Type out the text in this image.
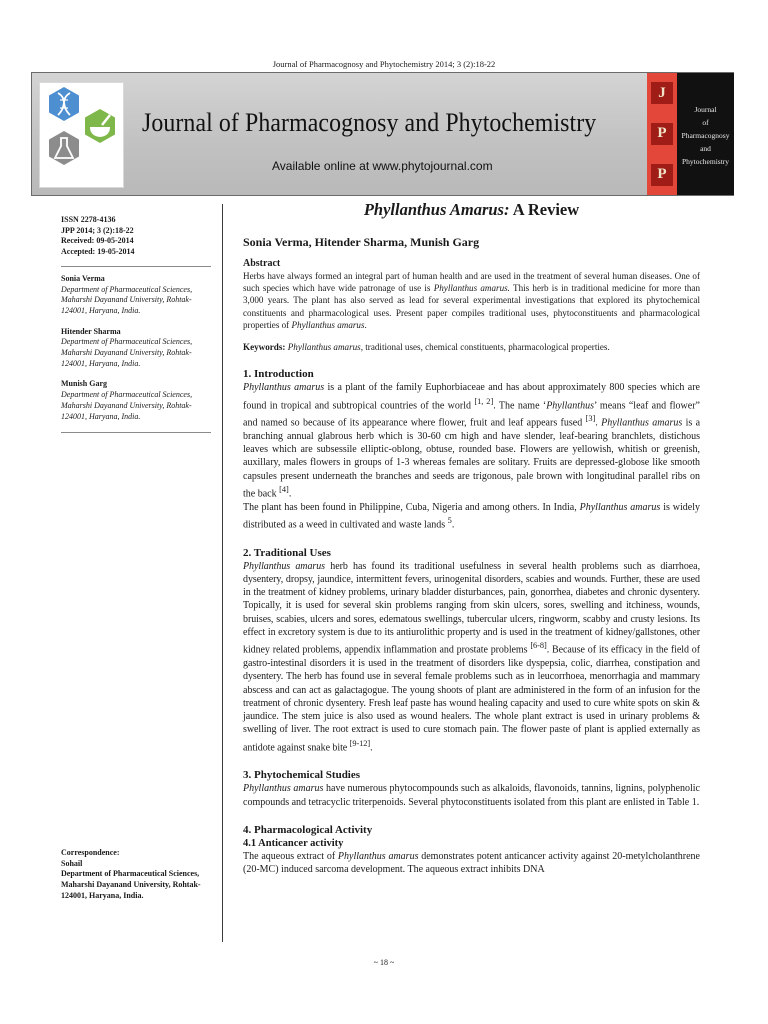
Journal of Pharmacognosy and Phytochemistry 2014; 3 (2):18-22
Journal of Pharmacognosy and Phytochemistry
Available online at www.phytojournal.com
J
P
P
Journal
of
Pharmacognosy
and
Phytochemistry
ISSN 2278-4136
JPP 2014; 3 (2):18-22
Received: 09-05-2014
Accepted: 19-05-2014
Sonia Verma
Department of Pharmaceutical Sciences, Maharshi Dayanand University, Rohtak-124001, Haryana, India.
Hitender Sharma
Department of Pharmaceutical Sciences, Maharshi Dayanand University, Rohtak-124001, Haryana, India.
Munish Garg
Department of Pharmaceutical Sciences, Maharshi Dayanand University, Rohtak-124001, Haryana, India.
Correspondence:
Sohail
Department of Pharmaceutical Sciences, Maharshi Dayanand University, Rohtak-124001, Haryana, India.
Phyllanthus Amarus: A Review
Sonia Verma, Hitender Sharma, Munish Garg
Abstract
Herbs have always formed an integral part of human health and are used in the treatment of several human diseases. One of such species which have wide patronage of use is Phyllanthus amarus. This herb is in traditional medicine for more than 3,000 years. The plant has also served as lead for several experimental investigations that explored its phytochemical constituents and pharmacological uses. Present paper compiles traditional uses, phytoconstituents and pharmacological properties of Phyllanthus amarus.
Keywords: Phyllanthus amarus, traditional uses, chemical constituents, pharmacological properties.
1. Introduction
Phyllanthus amarus is a plant of the family Euphorbiaceae and has about approximately 800 species which are found in tropical and subtropical countries of the world [1, 2]. The name ‘Phyllanthus’ means “leaf and flower” and named so because of its appearance where flower, fruit and leaf appears fused [3]. Phyllanthus amarus is a branching annual glabrous herb which is 30-60 cm high and have slender, leaf-bearing branchlets, distichous leaves which are subsessile elliptic-oblong, obtuse, rounded base. Flowers are yellowish, whitish or greenish, auxillary, males flowers in groups of 1-3 whereas females are solitary. Fruits are depressed-globose like smooth capsules present underneath the branches and seeds are trigonous, pale brown with longitudinal parallel ribs on the back [4].
The plant has been found in Philippine, Cuba, Nigeria and among others. In India, Phyllanthus amarus is widely distributed as a weed in cultivated and waste lands $^5$.
2. Traditional Uses
Phyllanthus amarus herb has found its traditional usefulness in several health problems such as diarrhoea, dysentery, dropsy, jaundice, intermittent fevers, urinogenital disorders, scabies and wounds. Further, these are used in the treatment of kidney problems, urinary bladder disturbances, pain, gonorrhea, diabetes and chronic dysentery. Topically, it is used for several skin problems ranging from skin ulcers, sores, swelling and itchiness, wounds, bruises, scabies, ulcers and sores, edematous swellings, tubercular ulcers, ringworm, scabby and crusty lesions. Its effect in excretory system is due to its antiurolithic property and is used in the treatment of kidney/gallstones, other kidney related problems, appendix inflammation and prostate problems [6-8]. Because of its efficacy in the field of gastro-intestinal disorders it is used in the treatment of disorders like dyspepsia, colic, diarrhea, constipation and dysentery. The herb has found use in several female problems such as in leucorrhoea, menorrhagia and mammary abscess and can act as galactagogue. The young shoots of plant are administered in the form of an infusion for the treatment of chronic dysentery. Fresh leaf paste has wound healing capacity and used to cure white spots on skin & jaundice. The stem juice is also used as wound healers. The whole plant extract is used in urinary problems & swelling of liver. The root extract is used to cure stomach pain. The flower paste of plant is applied externally as antidote against snake bite [9-12].
3. Phytochemical Studies
Phyllanthus amarus have numerous phytocompounds such as alkaloids, flavonoids, tannins, lignins, polyphenolic compounds and tetracyclic triterpenoids. Several phytoconstituents isolated from this plant are enlisted in Table 1.
4. Pharmacological Activity
4.1 Anticancer activity
The aqueous extract of Phyllanthus amarus demonstrates potent anticancer activity against 20-metylcholanthrene (20-MC) induced sarcoma development. The aqueous extract inhibits DNA
~ 18 ~
